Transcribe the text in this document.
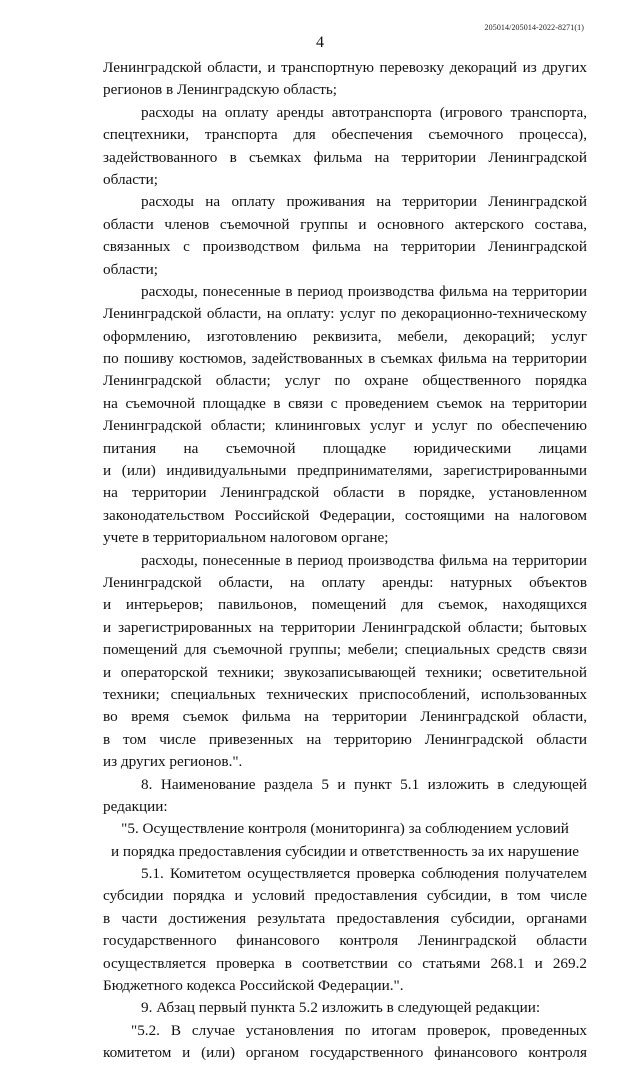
205014/205014-2022-8271(1)
4
Ленинградской области, и транспортную перевозку декораций из других
регионов в Ленинградскую область;
расходы на оплату аренды автотранспорта (игрового транспорта,
спецтехники, транспорта для обеспечения съемочного процесса),
задействованного в съемках фильма на территории Ленинградской
области;
расходы на оплату проживания на территории Ленинградской
области членов съемочной группы и основного актерского состава,
связанных с производством фильма на территории Ленинградской
области;
расходы, понесенные в период производства фильма на территории
Ленинградской области, на оплату: услуг по декорационно-техническому
оформлению, изготовлению реквизита, мебели, декораций; услуг
по пошиву костюмов, задействованных в съемках фильма на территории
Ленинградской области; услуг по охране общественного порядка
на съемочной площадке в связи с проведением съемок на территории
Ленинградской области; клининговых услуг и услуг по обеспечению
питания на съемочной площадке юридическими лицами
и (или) индивидуальными предпринимателями, зарегистрированными
на территории Ленинградской области в порядке, установленном
законодательством Российской Федерации, состоящими на налоговом
учете в территориальном налоговом органе;
расходы, понесенные в период производства фильма на территории
Ленинградской области, на оплату аренды: натурных объектов
и интерьеров; павильонов, помещений для съемок, находящихся
и зарегистрированных на территории Ленинградской области; бытовых
помещений для съемочной группы; мебели; специальных средств связи
и операторской техники; звукозаписывающей техники; осветительной
техники; специальных технических приспособлений, использованных
во время съемок фильма на территории Ленинградской области,
в том числе привезенных на территорию Ленинградской области
из других регионов.".
8. Наименование раздела 5 и пункт 5.1 изложить в следующей
редакции:
"5. Осуществление контроля (мониторинга) за соблюдением условий
и порядка предоставления субсидии и ответственность за их нарушение
5.1. Комитетом осуществляется проверка соблюдения получателем
субсидии порядка и условий предоставления субсидии, в том числе
в части достижения результата предоставления субсидии, органами
государственного финансового контроля Ленинградской области
осуществляется проверка в соответствии со статьями 268.1 и 269.2
Бюджетного кодекса Российской Федерации.".
9. Абзац первый пункта 5.2 изложить в следующей редакции:
"5.2. В случае установления по итогам проверок, проведенных
комитетом и (или) органом государственного финансового контроля
